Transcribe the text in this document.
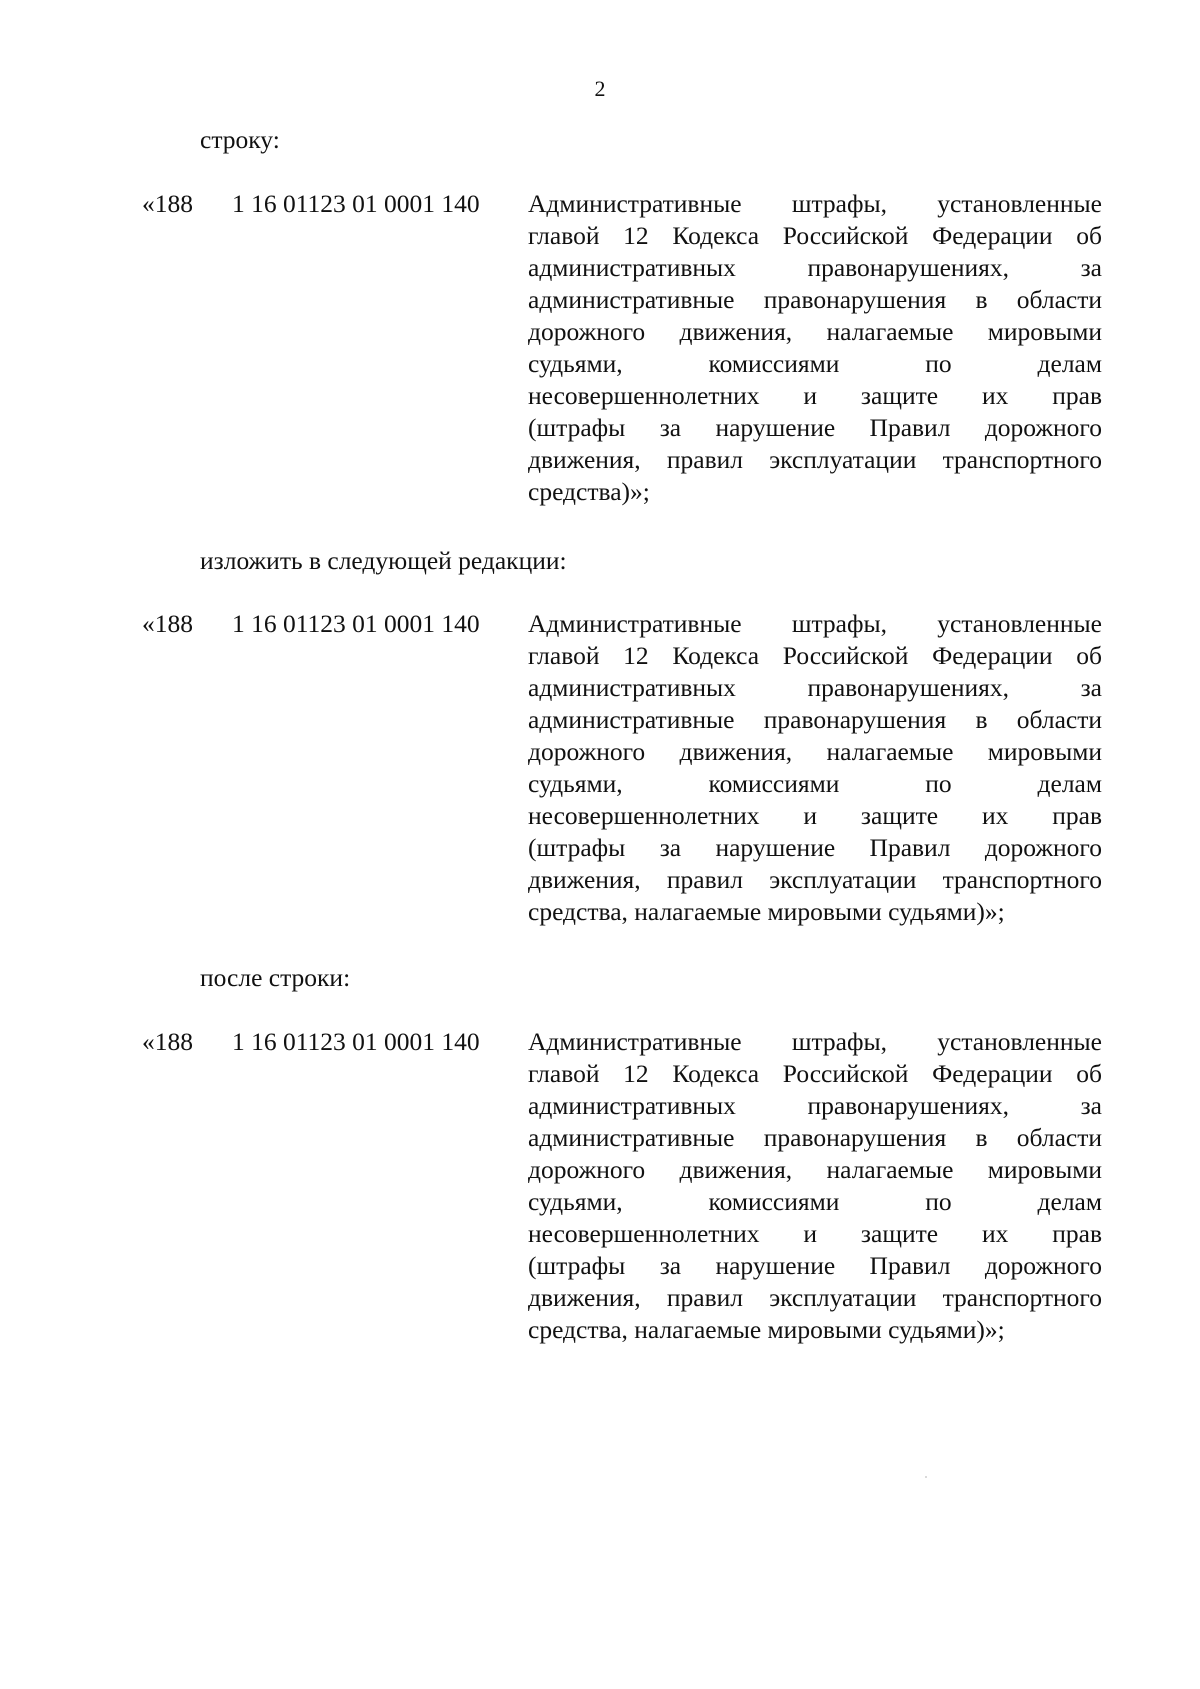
2
строку:
«188 1 16 01123 01 0001 140 Административные штрафы, установленные
главой 12 Кодекса Российской Федерации об
административных правонарушениях, за
административные правонарушения в области
дорожного движения, налагаемые мировыми
судьями, комиссиями по делам
несовершеннолетних и защите их прав
(штрафы за нарушение Правил дорожного
движения, правил эксплуатации транспортного
средства)»;
изложить в следующей редакции:
«188 1 16 01123 01 0001 140 Административные штрафы, установленные
главой 12 Кодекса Российской Федерации об
административных правонарушениях, за
административные правонарушения в области
дорожного движения, налагаемые мировыми
судьями, комиссиями по делам
несовершеннолетних и защите их прав
(штрафы за нарушение Правил дорожного
движения, правил эксплуатации транспортного
средства, налагаемые мировыми судьями)»;
после строки:
«188 1 16 01123 01 0001 140 Административные штрафы, установленные
главой 12 Кодекса Российской Федерации об
административных правонарушениях, за
административные правонарушения в области
дорожного движения, налагаемые мировыми
судьями, комиссиями по делам
несовершеннолетних и защите их прав
(штрафы за нарушение Правил дорожного
движения, правил эксплуатации транспортного
средства, налагаемые мировыми судьями)»;
